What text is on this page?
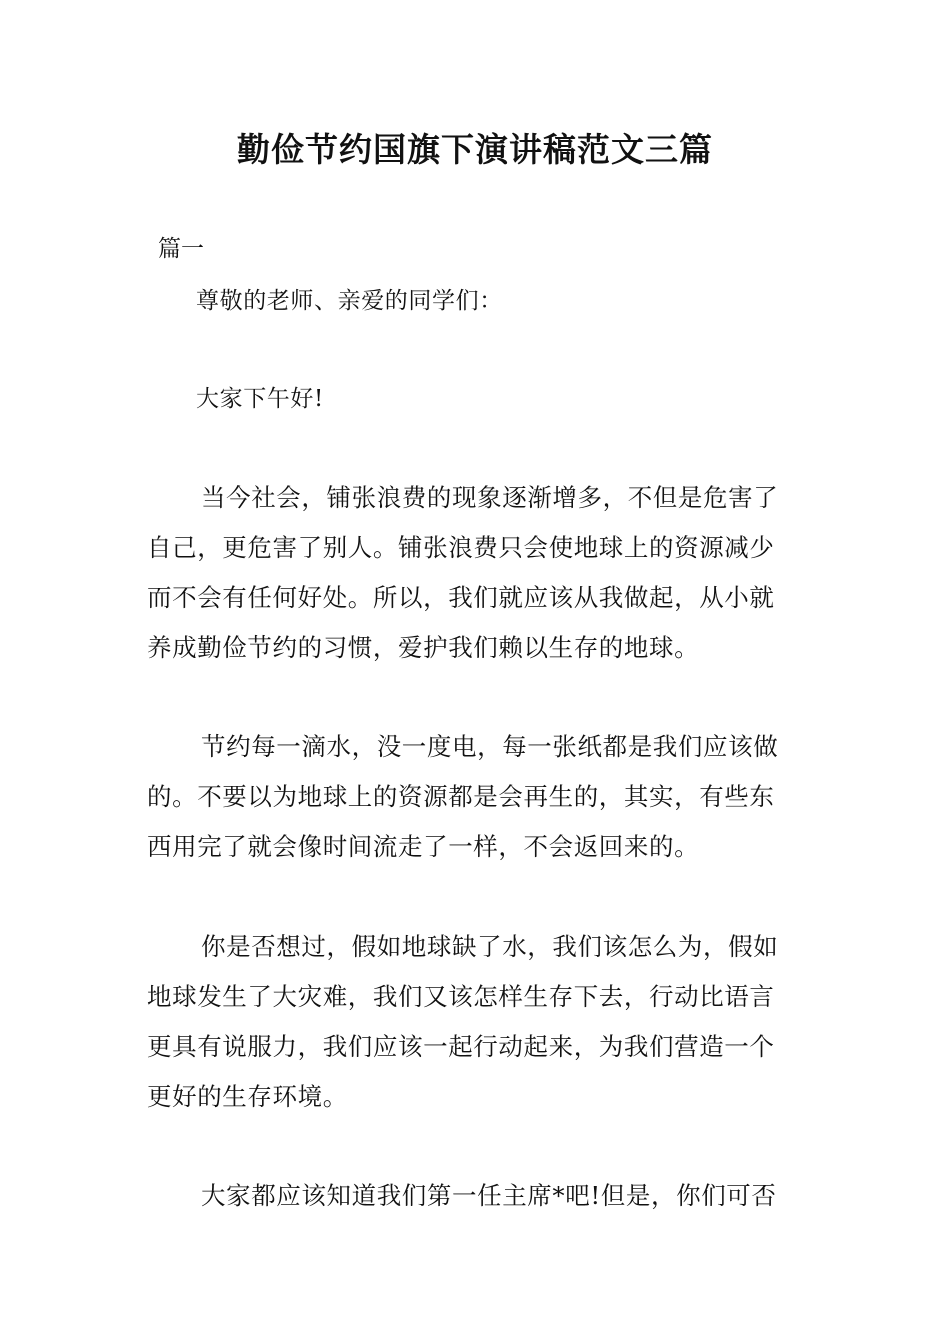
勤俭节约国旗下演讲稿范文三篇
篇一
尊敬的老师、亲爱的同学们：
大家下午好!
当今社会，铺张浪费的现象逐渐增多，不但是危害了
自己，更危害了别人。铺张浪费只会使地球上的资源减少
而不会有任何好处。所以，我们就应该从我做起，从小就
养成勤俭节约的习惯，爱护我们赖以生存的地球。
节约每一滴水，没一度电，每一张纸都是我们应该做
的。不要以为地球上的资源都是会再生的，其实，有些东
西用完了就会像时间流走了一样，不会返回来的。
你是否想过，假如地球缺了水，我们该怎么为，假如
地球发生了大灾难，我们又该怎样生存下去，行动比语言
更具有说服力，我们应该一起行动起来，为我们营造一个
更好的生存环境。
大家都应该知道我们第一任主席*吧!但是，你们可否
